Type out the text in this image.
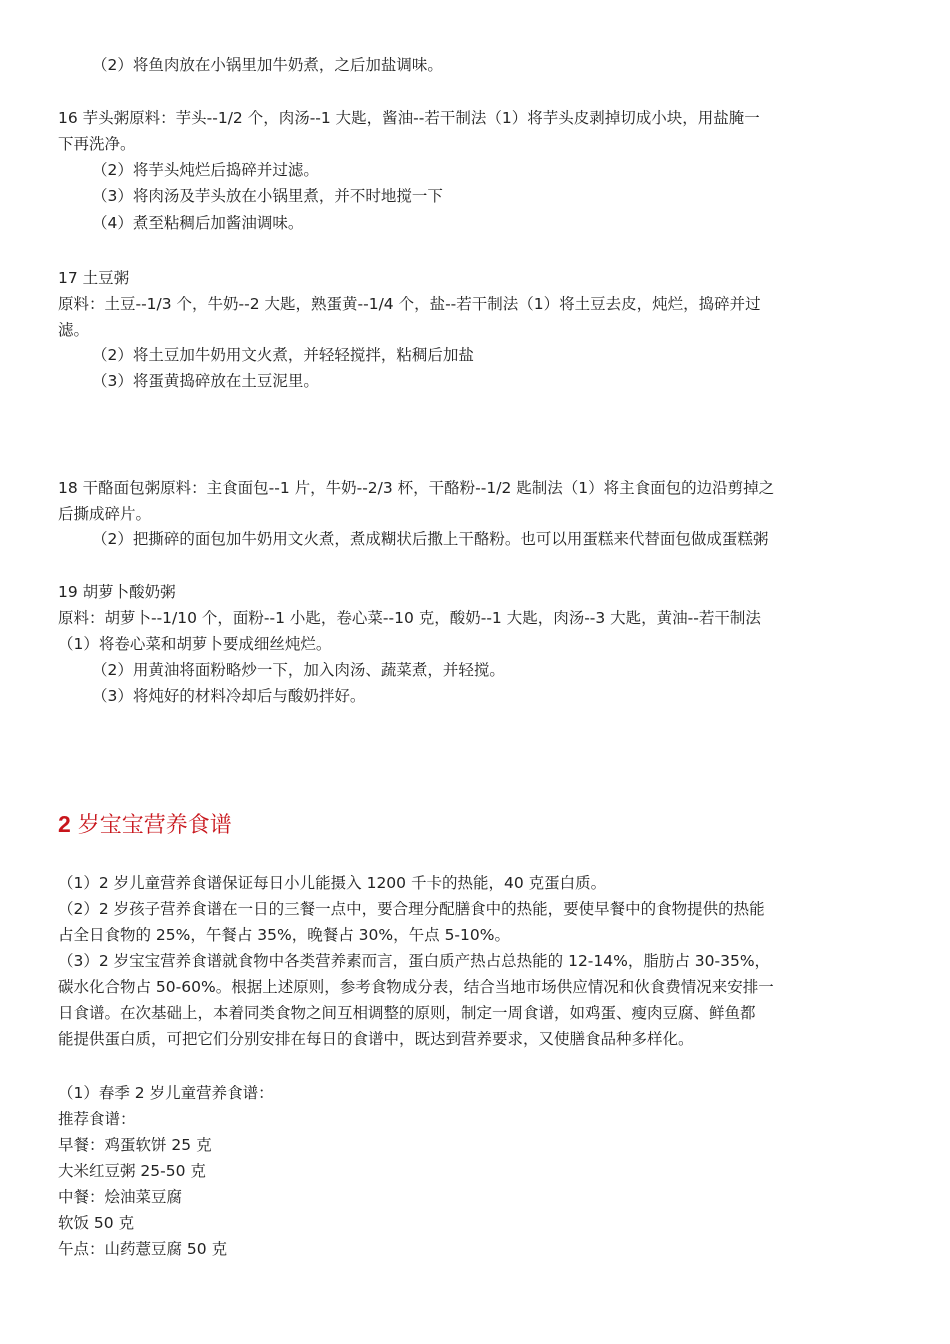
（2）将鱼肉放在小锅里加牛奶煮，之后加盐调味。
16 芋头粥原料：芋头--1/2 个，肉汤--1 大匙，酱油--若干制法（1）将芋头皮剥掉切成小块，用盐腌一
下再洗净。
（2）将芋头炖烂后捣碎并过滤。
（3）将肉汤及芋头放在小锅里煮，并不时地搅一下
（4）煮至粘稠后加酱油调味。
17 土豆粥
原料：土豆--1/3 个，牛奶--2 大匙，熟蛋黄--1/4 个，盐--若干制法（1）将土豆去皮，炖烂，捣碎并过
滤。
（2）将土豆加牛奶用文火煮，并轻轻搅拌，粘稠后加盐
（3）将蛋黄捣碎放在土豆泥里。
18 干酪面包粥原料：主食面包--1 片，牛奶--2/3 杯，干酪粉--1/2 匙制法（1）将主食面包的边沿剪掉之
后撕成碎片。
（2）把撕碎的面包加牛奶用文火煮，煮成糊状后撒上干酪粉。也可以用蛋糕来代替面包做成蛋糕粥
19 胡萝卜酸奶粥
原料：胡萝卜--1/10 个，面粉--1 小匙，卷心菜--10 克，酸奶--1 大匙，肉汤--3 大匙，黄油--若干制法
（1）将卷心菜和胡萝卜要成细丝炖烂。
（2）用黄油将面粉略炒一下，加入肉汤、蔬菜煮，并轻搅。
（3）将炖好的材料冷却后与酸奶拌好。
2 岁宝宝营养食谱
（1）2 岁儿童营养食谱保证每日小儿能摄入 1200 千卡的热能，40 克蛋白质。
（2）2 岁孩子营养食谱在一日的三餐一点中，要合理分配膳食中的热能，要使早餐中的食物提供的热能
占全日食物的 25%，午餐占 35%，晚餐占 30%，午点 5-10%。
（3）2 岁宝宝营养食谱就食物中各类营养素而言，蛋白质产热占总热能的 12-14%，脂肪占 30-35%，
碳水化合物占 50-60%。根据上述原则，参考食物成分表，结合当地市场供应情况和伙食费情况来安排一
日食谱。在次基础上，本着同类食物之间互相调整的原则，制定一周食谱，如鸡蛋、瘦肉豆腐、鲜鱼都
能提供蛋白质，可把它们分别安排在每日的食谱中，既达到营养要求，又使膳食品种多样化。
（1）春季 2 岁儿童营养食谱：
推荐食谱：
早餐：鸡蛋软饼 25 克
大米红豆粥 25-50 克
中餐：烩油菜豆腐
软饭 50 克
午点：山药薏豆腐 50 克
